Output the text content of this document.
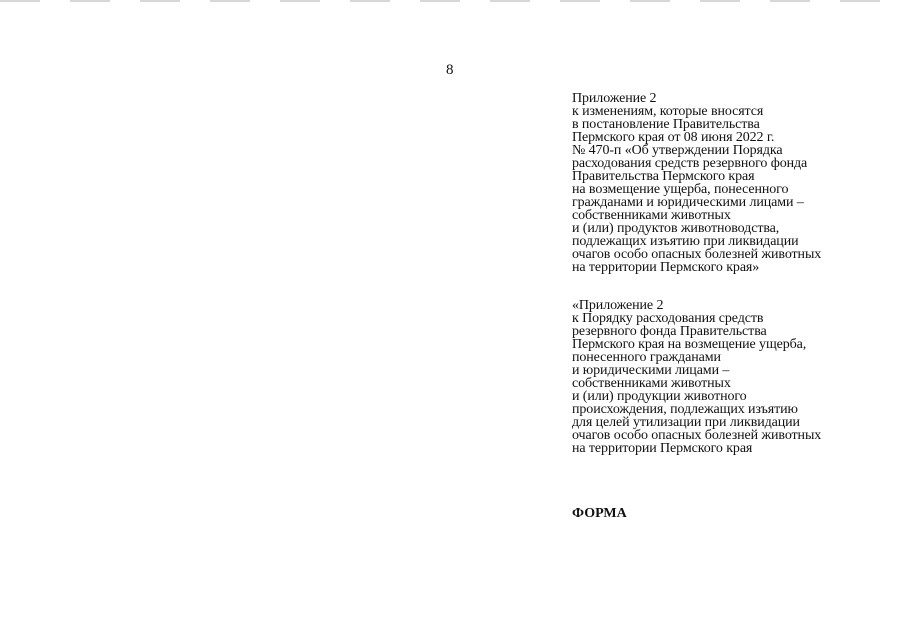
8
Приложение 2
к изменениям, которые вносятся
в постановление Правительства
Пермского края от 08 июня 2022 г.
№ 470-п «Об утверждении Порядка
расходования средств резервного фонда
Правительства Пермского края
на возмещение ущерба, понесенного
гражданами и юридическими лицами –
собственниками животных
и (или) продуктов животноводства,
подлежащих изъятию при ликвидации
очагов особо опасных болезней животных
на территории Пермского края»
«Приложение 2
к Порядку расходования средств
резервного фонда Правительства
Пермского края на возмещение ущерба,
понесенного гражданами
и юридическими лицами –
собственниками животных
и (или) продукции животного
происхождения, подлежащих изъятию
для целей утилизации при ликвидации
очагов особо опасных болезней животных
на территории Пермского края
ФОРМА
